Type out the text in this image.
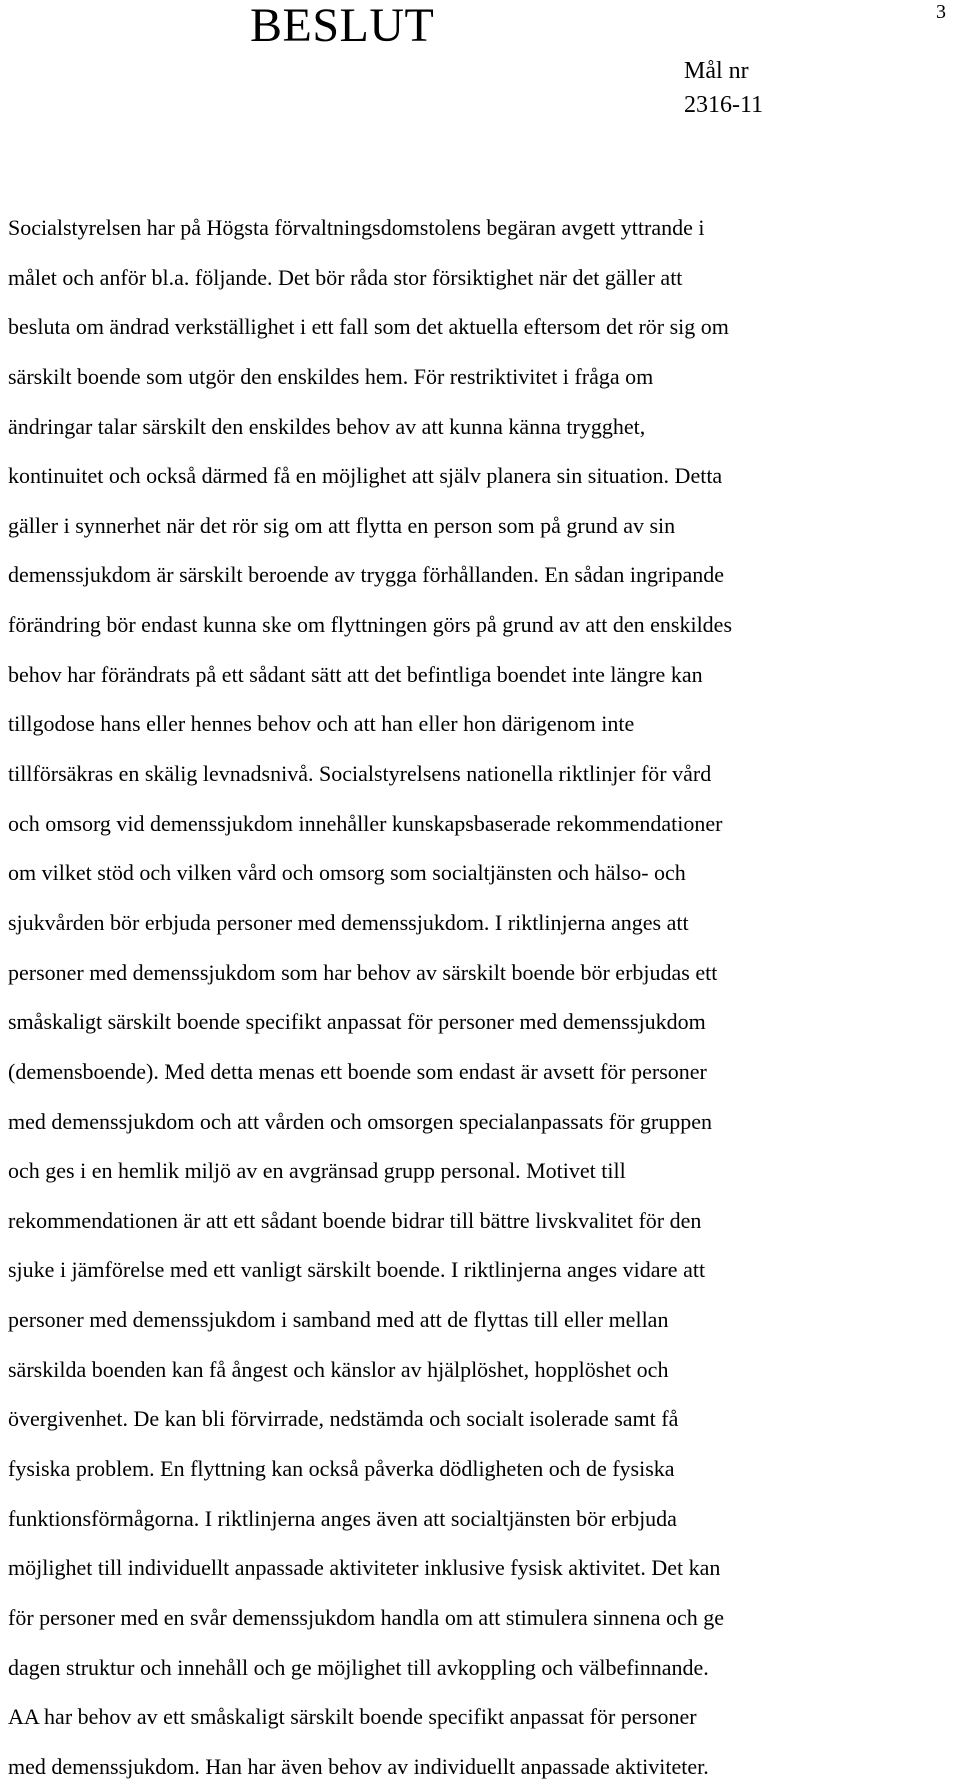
BESLUT	3
Mål nr
2316-11
Socialstyrelsen har på Högsta förvaltningsdomstolens begäran avgett yttrande i
målet och anför bl.a. följande. Det bör råda stor försiktighet när det gäller att
besluta om ändrad verkställighet i ett fall som det aktuella eftersom det rör sig om
särskilt boende som utgör den enskildes hem. För restriktivitet i fråga om
ändringar talar särskilt den enskildes behov av att kunna känna trygghet,
kontinuitet och också därmed få en möjlighet att själv planera sin situation. Detta
gäller i synnerhet när det rör sig om att flytta en person som på grund av sin
demenssjukdom är särskilt beroende av trygga förhållanden. En sådan ingripande
förändring bör endast kunna ske om flyttningen görs på grund av att den enskildes
behov har förändrats på ett sådant sätt att det befintliga boendet inte längre kan
tillgodose hans eller hennes behov och att han eller hon därigenom inte
tillförsäkras en skälig levnadsnivå. Socialstyrelsens nationella riktlinjer för vård
och omsorg vid demenssjukdom innehåller kunskapsbaserade rekommendationer
om vilket stöd och vilken vård och omsorg som socialtjänsten och hälso- och
sjukvården bör erbjuda personer med demenssjukdom. I riktlinjerna anges att
personer med demenssjukdom som har behov av särskilt boende bör erbjudas ett
småskaligt särskilt boende specifikt anpassat för personer med demenssjukdom
(demensboende). Med detta menas ett boende som endast är avsett för personer
med demenssjukdom och att vården och omsorgen specialanpassats för gruppen
och ges i en hemlik miljö av en avgränsad grupp personal. Motivet till
rekommendationen är att ett sådant boende bidrar till bättre livskvalitet för den
sjuke i jämförelse med ett vanligt särskilt boende. I riktlinjerna anges vidare att
personer med demenssjukdom i samband med att de flyttas till eller mellan
särskilda boenden kan få ångest och känslor av hjälplöshet, hopplöshet och
övergivenhet. De kan bli förvirrade, nedstämda och socialt isolerade samt få
fysiska problem. En flyttning kan också påverka dödligheten och de fysiska
funktionsförmågorna. I riktlinjerna anges även att socialtjänsten bör erbjuda
möjlighet till individuellt anpassade aktiviteter inklusive fysisk aktivitet. Det kan
för personer med en svår demenssjukdom handla om att stimulera sinnena och ge
dagen struktur och innehåll och ge möjlighet till avkoppling och välbefinnande.
AA har behov av ett småskaligt särskilt boende specifikt anpassat för personer
med demenssjukdom. Han har även behov av individuellt anpassade aktiviteter.
